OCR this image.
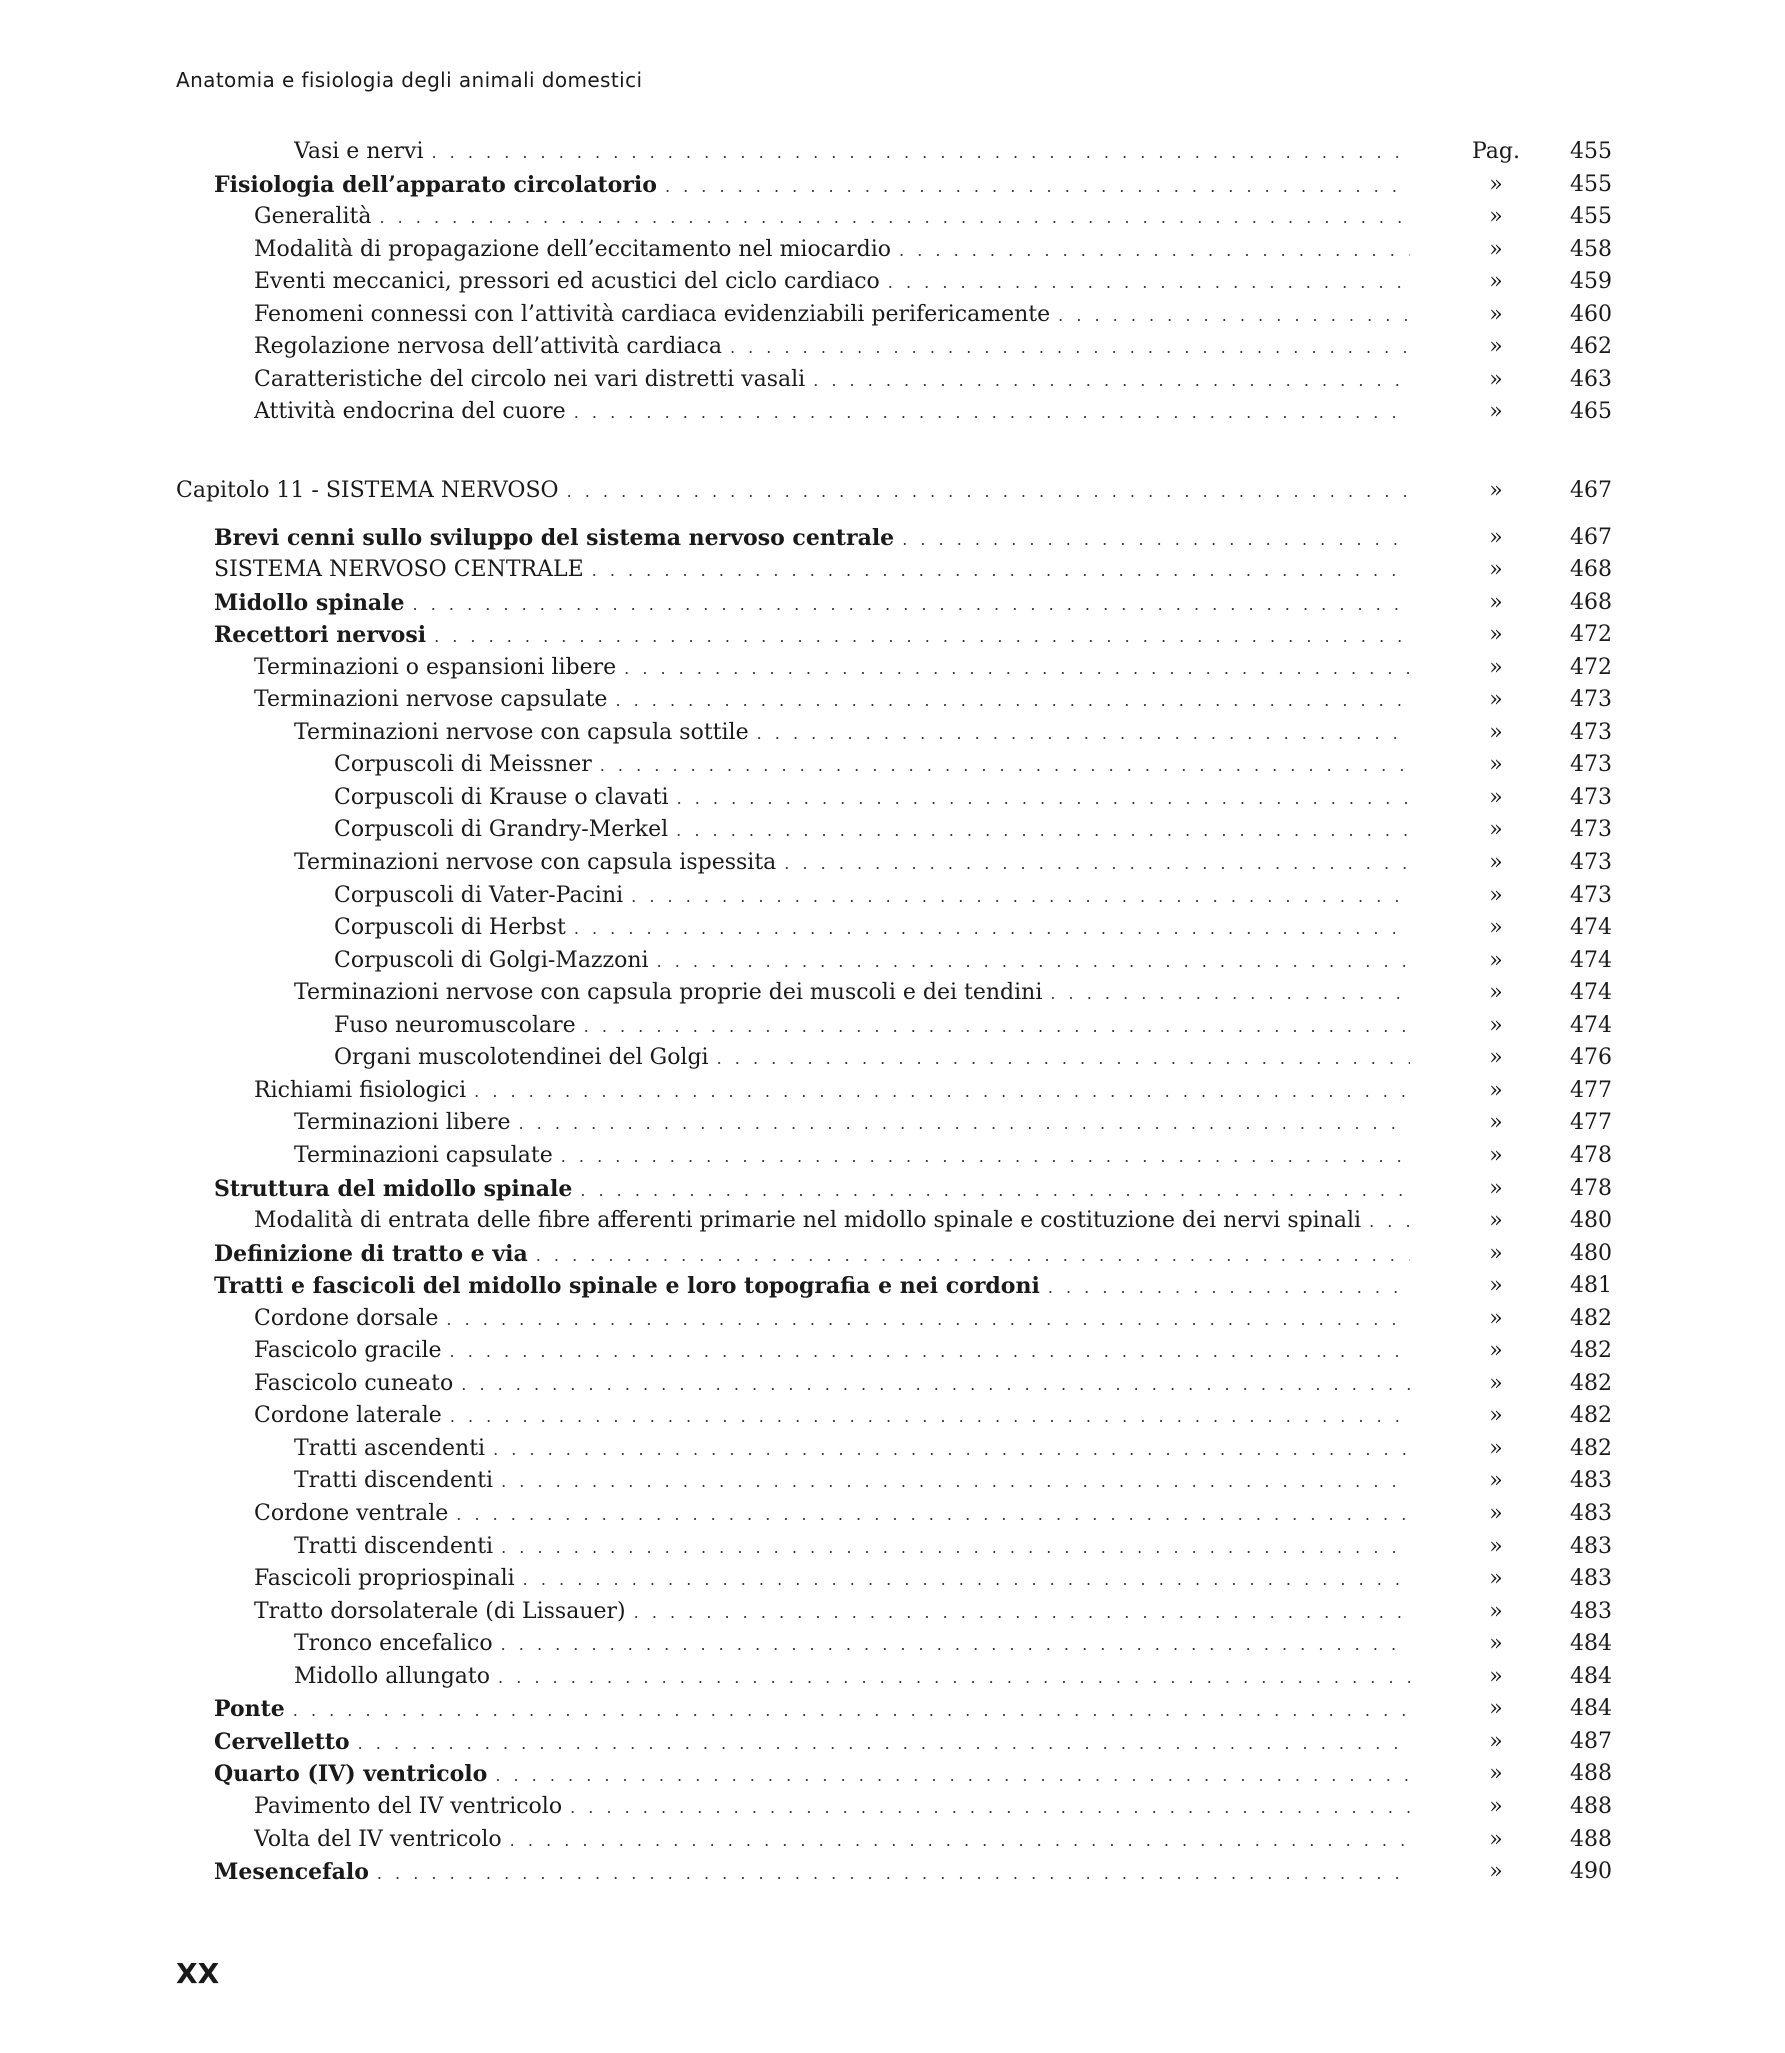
Anatomia e fisiologia degli animali domestici
Vasi e nervi . . .	Pag.	455
Fisiologia dell’apparato circolatorio . . .	»	455
Generalità . . .	»	455
Modalità di propagazione dell’eccitamento nel miocardio . . .	»	458
Eventi meccanici, pressori ed acustici del ciclo cardiaco . . .	»	459
Fenomeni connessi con l’attività cardiaca evidenziabili perifericamente . . .	»	460
Regolazione nervosa dell’attività cardiaca . . .	»	462
Caratteristiche del circolo nei vari distretti vasali . . .	»	463
Attività endocrina del cuore . . .	»	465
Capitolo 11 - SISTEMA NERVOSO . . .	»	467
Brevi cenni sullo sviluppo del sistema nervoso centrale . . .	»	467
SISTEMA NERVOSO CENTRALE . . .	»	468
Midollo spinale . . .	»	468
Recettori nervosi . . .	»	472
Terminazioni o espansioni libere . . .	»	472
Terminazioni nervose capsulate . . .	»	473
Terminazioni nervose con capsula sottile . . .	»	473
Corpuscoli di Meissner . . .	»	473
Corpuscoli di Krause o clavati . . .	»	473
Corpuscoli di Grandry-Merkel . . .	»	473
Terminazioni nervose con capsula ispessita . . .	»	473
Corpuscoli di Vater-Pacini . . .	»	473
Corpuscoli di Herbst . . .	»	474
Corpuscoli di Golgi-Mazzoni . . .	»	474
Terminazioni nervose con capsula proprie dei muscoli e dei tendini . . .	»	474
Fuso neuromuscolare . . .	»	474
Organi muscolotendinei del Golgi . . .	»	476
Richiami fisiologici . . .	»	477
Terminazioni libere . . .	»	477
Terminazioni capsulate . . .	»	478
Struttura del midollo spinale . . .	»	478
Modalità di entrata delle fibre afferenti primarie nel midollo spinale e costituzione dei nervi spinali . . .	»	480
Definizione di tratto e via . . .	»	480
Tratti e fascicoli del midollo spinale e loro topografia e nei cordoni . . .	»	481
Cordone dorsale . . .	»	482
Fascicolo gracile . . .	»	482
Fascicolo cuneato . . .	»	482
Cordone laterale . . .	»	482
Tratti ascendenti . . .	»	482
Tratti discendenti . . .	»	483
Cordone ventrale . . .	»	483
Tratti discendenti . . .	»	483
Fascicoli propriospinali . . .	»	483
Tratto dorsolaterale (di Lissauer) . . .	»	483
Tronco encefalico . . .	»	484
Midollo allungato . . .	»	484
Ponte . . .	»	484
Cervelletto . . .	»	487
Quarto (IV) ventricolo . . .	»	488
Pavimento del IV ventricolo . . .	»	488
Volta del IV ventricolo . . .	»	488
Mesencefalo . . .	»	490
XX
